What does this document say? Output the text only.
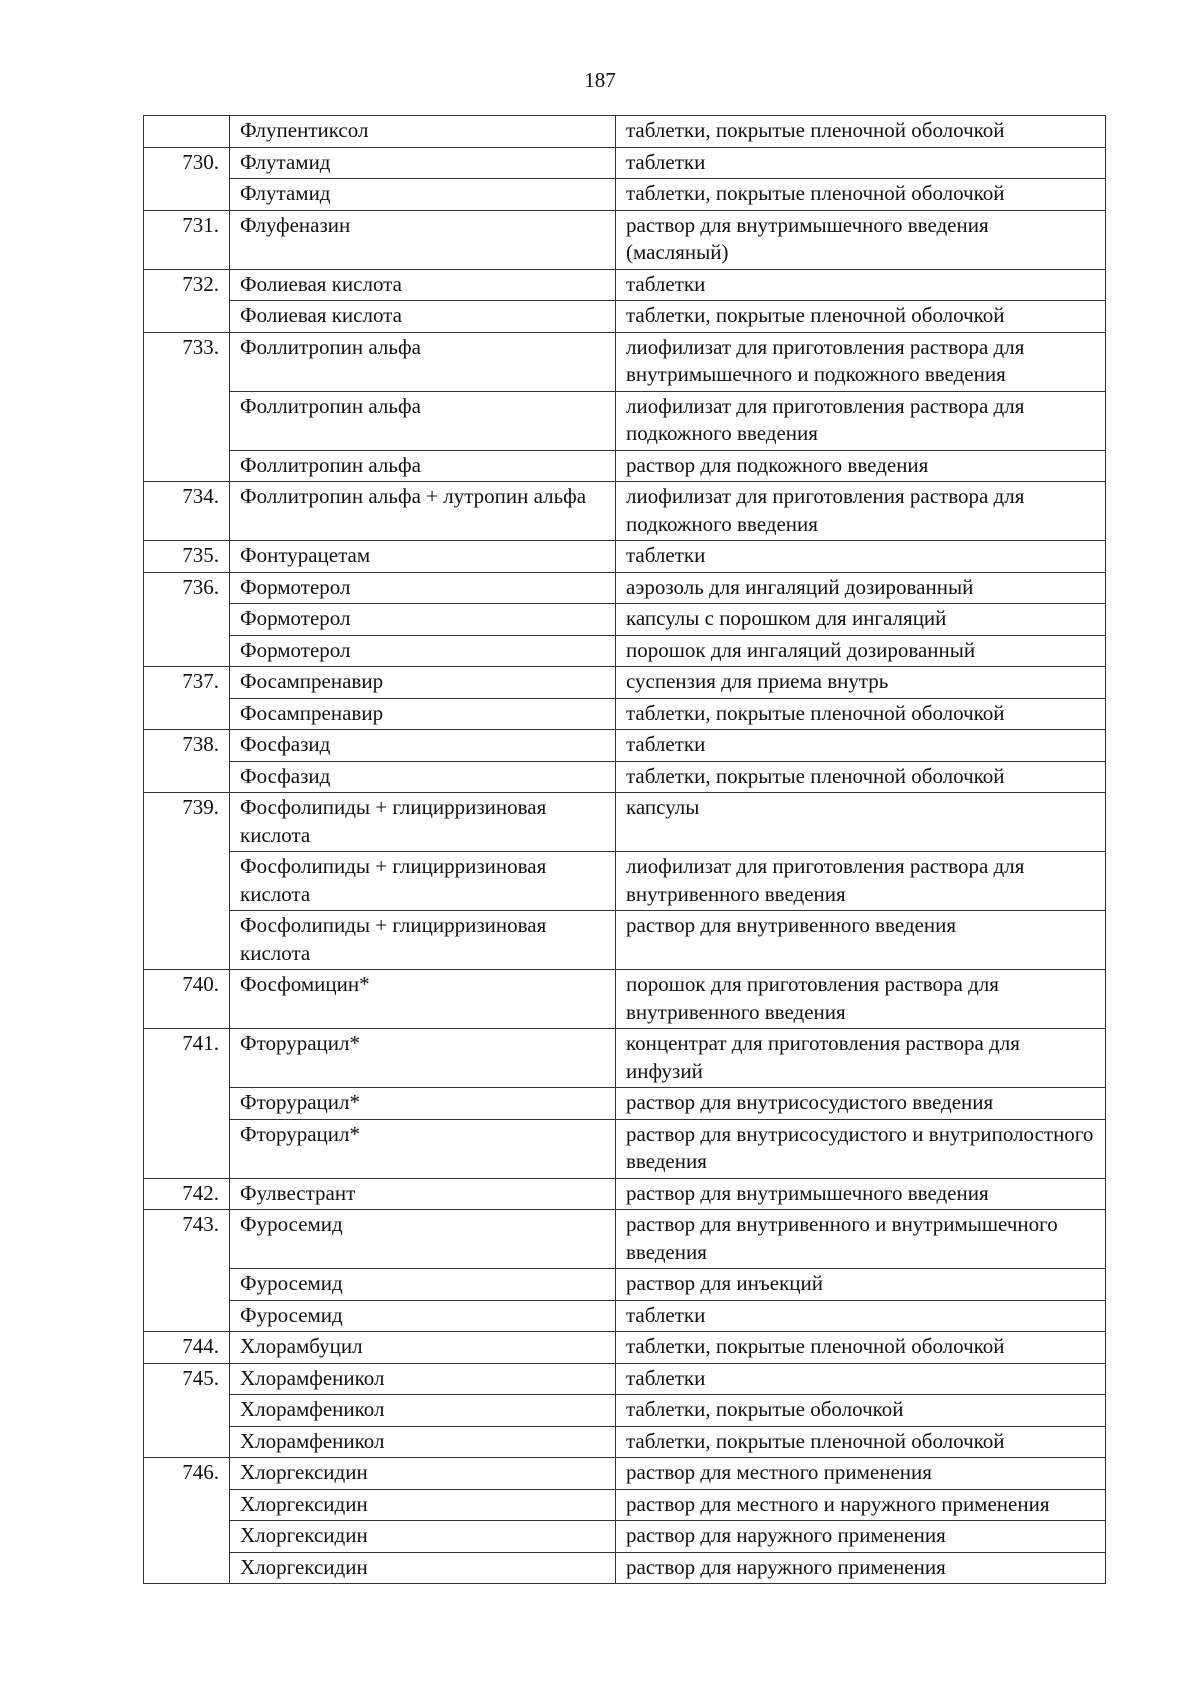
187
	Флупентиксол	таблетки, покрытые пленочной оболочкой
730.	Флутамид	таблетки
	Флутамид	таблетки, покрытые пленочной оболочкой
731.	Флуфеназин	раствор для внутримышечного введения (масляный)
732.	Фолиевая кислота	таблетки
	Фолиевая кислота	таблетки, покрытые пленочной оболочкой
733.	Фоллитропин альфа	лиофилизат для приготовления раствора для внутримышечного и подкожного введения
	Фоллитропин альфа	лиофилизат для приготовления раствора для подкожного введения
	Фоллитропин альфа	раствор для подкожного введения
734.	Фоллитропин альфа + лутропин альфа	лиофилизат для приготовления раствора для подкожного введения
735.	Фонтурацетам	таблетки
736.	Формотерол	аэрозоль для ингаляций дозированный
	Формотерол	капсулы с порошком для ингаляций
	Формотерол	порошок для ингаляций дозированный
737.	Фосампренавир	суспензия для приема внутрь
	Фосампренавир	таблетки, покрытые пленочной оболочкой
738.	Фосфазид	таблетки
	Фосфазид	таблетки, покрытые пленочной оболочкой
739.	Фосфолипиды + глицирризиновая кислота	капсулы
	Фосфолипиды + глицирризиновая кислота	лиофилизат для приготовления раствора для внутривенного введения
	Фосфолипиды + глицирризиновая кислота	раствор для внутривенного введения
740.	Фосфомицин*	порошок для приготовления раствора для внутривенного введения
741.	Фторурацил*	концентрат для приготовления раствора для инфузий
	Фторурацил*	раствор для внутрисосудистого введения
	Фторурацил*	раствор для внутрисосудистого и внутриполостного введения
742.	Фулвестрант	раствор для внутримышечного введения
743.	Фуросемид	раствор для внутривенного и внутримышечного введения
	Фуросемид	раствор для инъекций
	Фуросемид	таблетки
744.	Хлорамбуцил	таблетки, покрытые пленочной оболочкой
745.	Хлорамфеникол	таблетки
	Хлорамфеникол	таблетки, покрытые оболочкой
	Хлорамфеникол	таблетки, покрытые пленочной оболочкой
746.	Хлоргексидин	раствор для местного применения
	Хлоргексидин	раствор для местного и наружного применения
	Хлоргексидин	раствор для наружного применения
	Хлоргексидин	раствор для наружного применения
